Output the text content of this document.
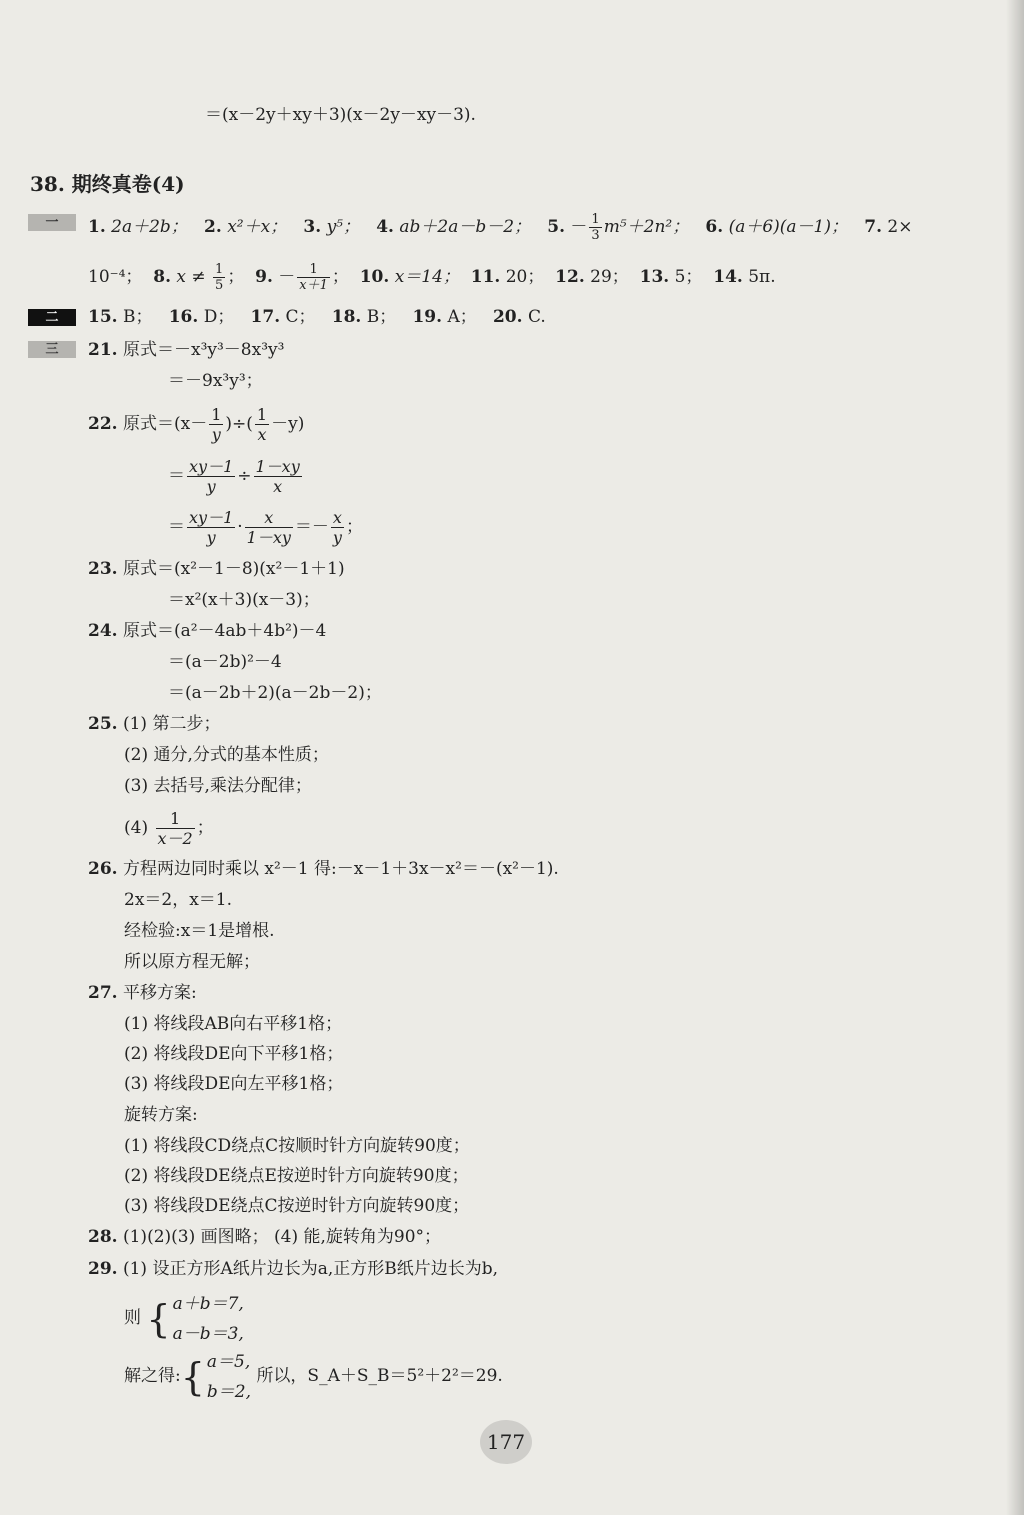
＝(x－2y＋xy＋3)(x－2y－xy－3).
38. 期终真卷(4)
一	1. 2a＋2b； 2. x²＋x； 3. y⁵； 4. ab＋2a－b－2； 5. － $\frac{1}{3} m^5+2n^2$； 6. (a＋6)(a－1)； 7. 2×
10⁻⁴； 8. $x \ne \frac{1}{5}$ ； 9. － $\frac{1}{x+1}$ ； 10. x＝14； 11. 20； 12. 29； 13. 5； 14. 5π.
二	15. B； 16. D； 17. C； 18. B； 19. A； 20. C.
三	21. 原式＝－x³y³－8x³y³
＝－9x³y³；
22. 原式$=(x- \frac{1}{y}$ )÷( $\frac{1}{x} -y$)
＝ $\frac{xy-1}{y} \div \frac{1-xy}{x}$
＝ $\frac{xy-1}{y} \cdot \frac{x}{1-xy} =- \frac{x}{y}$ ；
23. 原式＝(x²－1－8)(x²－1＋1)
＝x²(x＋3)(x－3)；
24. 原式＝(a²－4ab＋4b²)－4
＝(a－2b)²－4
＝(a－2b＋2)(a－2b－2)；
25. (1) 第二步；
(2) 通分,分式的基本性质；
(3) 去括号,乘法分配律；
$(4) \frac{1}{x-2}$ ；
26. 方程两边同时乘以 x²－1 得:－x－1＋3x－x²＝－(x²－1).
2x＝2，x＝1.
经检验:x＝1是增根.
所以原方程无解；
27. 平移方案:
(1) 将线段AB向右平移1格；
(2) 将线段DE向下平移1格；
(3) 将线段DE向左平移1格；
旋转方案:
(1) 将线段CD绕点C按顺时针方向旋转90度；
(2) 将线段DE绕点E按逆时针方向旋转90度；
(3) 将线段DE绕点C按逆时针方向旋转90度；
28. (1)(2)(3) 画图略； (4) 能,旋转角为90°；
29. (1) 设正方形A纸片边长为a,正方形B纸片边长为b,
则 { a＋b＝7,
a－b＝3,
解之得:{ a＝5,
b＝2,
所以，S_A＋S_B＝5²＋2²＝29.
177
